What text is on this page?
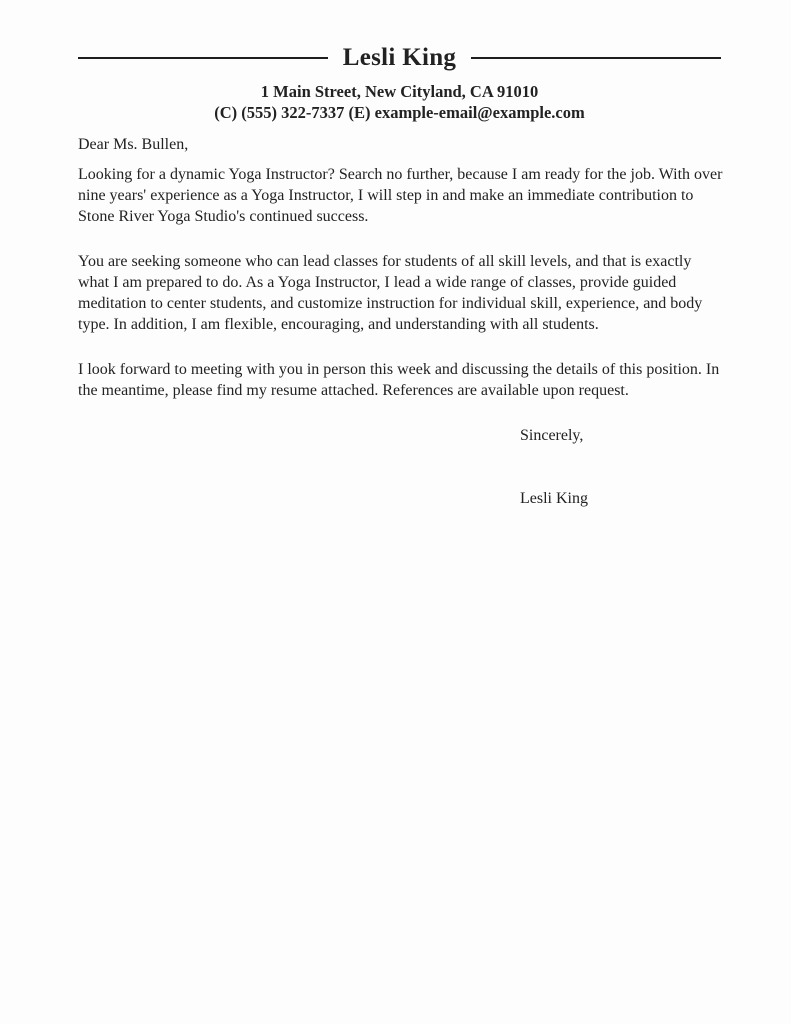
Lesli King

1 Main Street, New Cityland, CA 91010

(C) (555) 322-7337 (E) example-email@example.com

Dear Ms. Bullen,

Looking for a dynamic Yoga Instructor? Search no further, because I am ready for the job. With over nine years' experience as a Yoga Instructor, I will step in and make an immediate contribution to Stone River Yoga Studio's continued success.

You are seeking someone who can lead classes for students of all skill levels, and that is exactly what I am prepared to do. As a Yoga Instructor, I lead a wide range of classes, provide guided meditation to center students, and customize instruction for individual skill, experience, and body type. In addition, I am flexible, encouraging, and understanding with all students.

I look forward to meeting with you in person this week and discussing the details of this position. In the meantime, please find my resume attached. References are available upon request.

Sincerely,

Lesli King
